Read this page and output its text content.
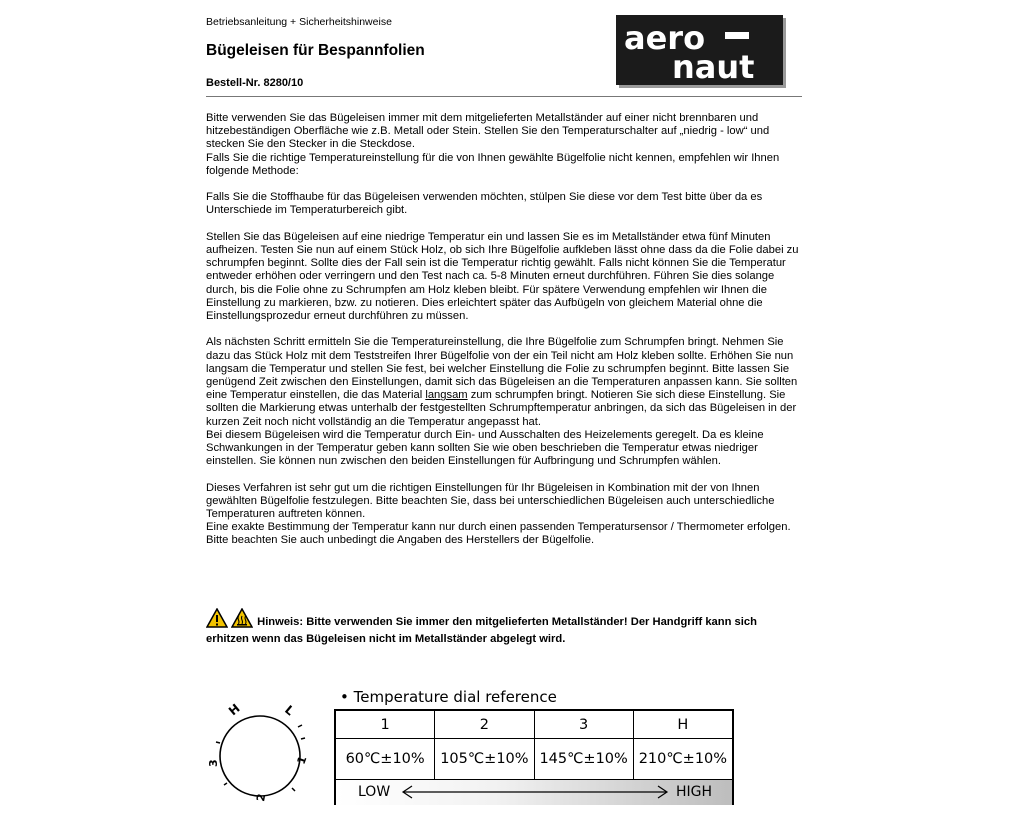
Betriebsanleitung + Sicherheitshinweise
Bügeleisen für Bespannfolien
Bestell-Nr. 8280/10
aero
naut

Bitte verwenden Sie das Bügeleisen immer mit dem mitgelieferten Metallständer auf einer nicht brennbaren und hitzebeständigen Oberfläche wie z.B. Metall oder Stein. Stellen Sie den Temperaturschalter auf „niedrig - low“ und stecken Sie den Stecker in die Steckdose.

Falls Sie die richtige Temperatureinstellung für die von Ihnen gewählte Bügelfolie nicht kennen, empfehlen wir Ihnen folgende Methode:

Falls Sie die Stoffhaube für das Bügeleisen verwenden möchten, stülpen Sie diese vor dem Test bitte über da es Unterschiede im Temperaturbereich gibt.

Stellen Sie das Bügeleisen auf eine niedrige Temperatur ein und lassen Sie es im Metallständer etwa fünf Minuten aufheizen. Testen Sie nun auf einem Stück Holz, ob sich Ihre Bügelfolie aufkleben lässt ohne dass da die Folie dabei zu schrumpfen beginnt. Sollte dies der Fall sein ist die Temperatur richtig gewählt. Falls nicht können Sie die Temperatur entweder erhöhen oder verringern und den Test nach ca. 5-8 Minuten erneut durchführen. Führen Sie dies solange durch, bis die Folie ohne zu Schrumpfen am Holz kleben bleibt. Für spätere Verwendung empfehlen wir Ihnen die Einstellung zu markieren, bzw. zu notieren. Dies erleichtert später das Aufbügeln von gleichem Material ohne die Einstellungsprozedur erneut durchführen zu müssen.

Als nächsten Schritt ermitteln Sie die Temperatureinstellung, die Ihre Bügelfolie zum Schrumpfen bringt. Nehmen Sie dazu das Stück Holz mit dem Teststreifen Ihrer Bügelfolie von der ein Teil nicht am Holz kleben sollte. Erhöhen Sie nun langsam die Temperatur und stellen Sie fest, bei welcher Einstellung die Folie zu schrumpfen beginnt. Bitte lassen Sie genügend Zeit zwischen den Einstellungen, damit sich das Bügeleisen an die Temperaturen anpassen kann. Sie sollten eine Temperatur einstellen, die das Material langsam zum schrumpfen bringt. Notieren Sie sich diese Einstellung. Sie sollten die Markierung etwas unterhalb der festgestellten Schrumpftemperatur anbringen, da sich das Bügeleisen in der kurzen Zeit noch nicht vollständig an die Temperatur angepasst hat.

Bei diesem Bügeleisen wird die Temperatur durch Ein- und Ausschalten des Heizelements geregelt. Da es kleine Schwankungen in der Temperatur geben kann sollten Sie wie oben beschrieben die Temperatur etwas niedriger einstellen. Sie können nun zwischen den beiden Einstellungen für Aufbringung und Schrumpfen wählen.

Dieses Verfahren ist sehr gut um die richtigen Einstellungen für Ihr Bügeleisen in Kombination mit der von Ihnen gewählten Bügelfolie festzulegen. Bitte beachten Sie, dass bei unterschiedlichen Bügeleisen auch unterschiedliche Temperaturen auftreten können.

Eine exakte Bestimmung der Temperatur kann nur durch einen passenden Temperatursensor / Thermometer erfolgen. Bitte beachten Sie auch unbedingt die Angaben des Herstellers der Bügelfolie.

Hinweis: Bitte verwenden Sie immer den mitgelieferten Metallständer! Der Handgriff kann sich erhitzen wenn das Bügeleisen nicht im Metallständer abgelegt wird.
H	L
1
2
3
• Temperature dial reference
1	2	3	H
60℃±10%	105℃±10% 145℃±10% 210℃±10%
LOW	HIGH
